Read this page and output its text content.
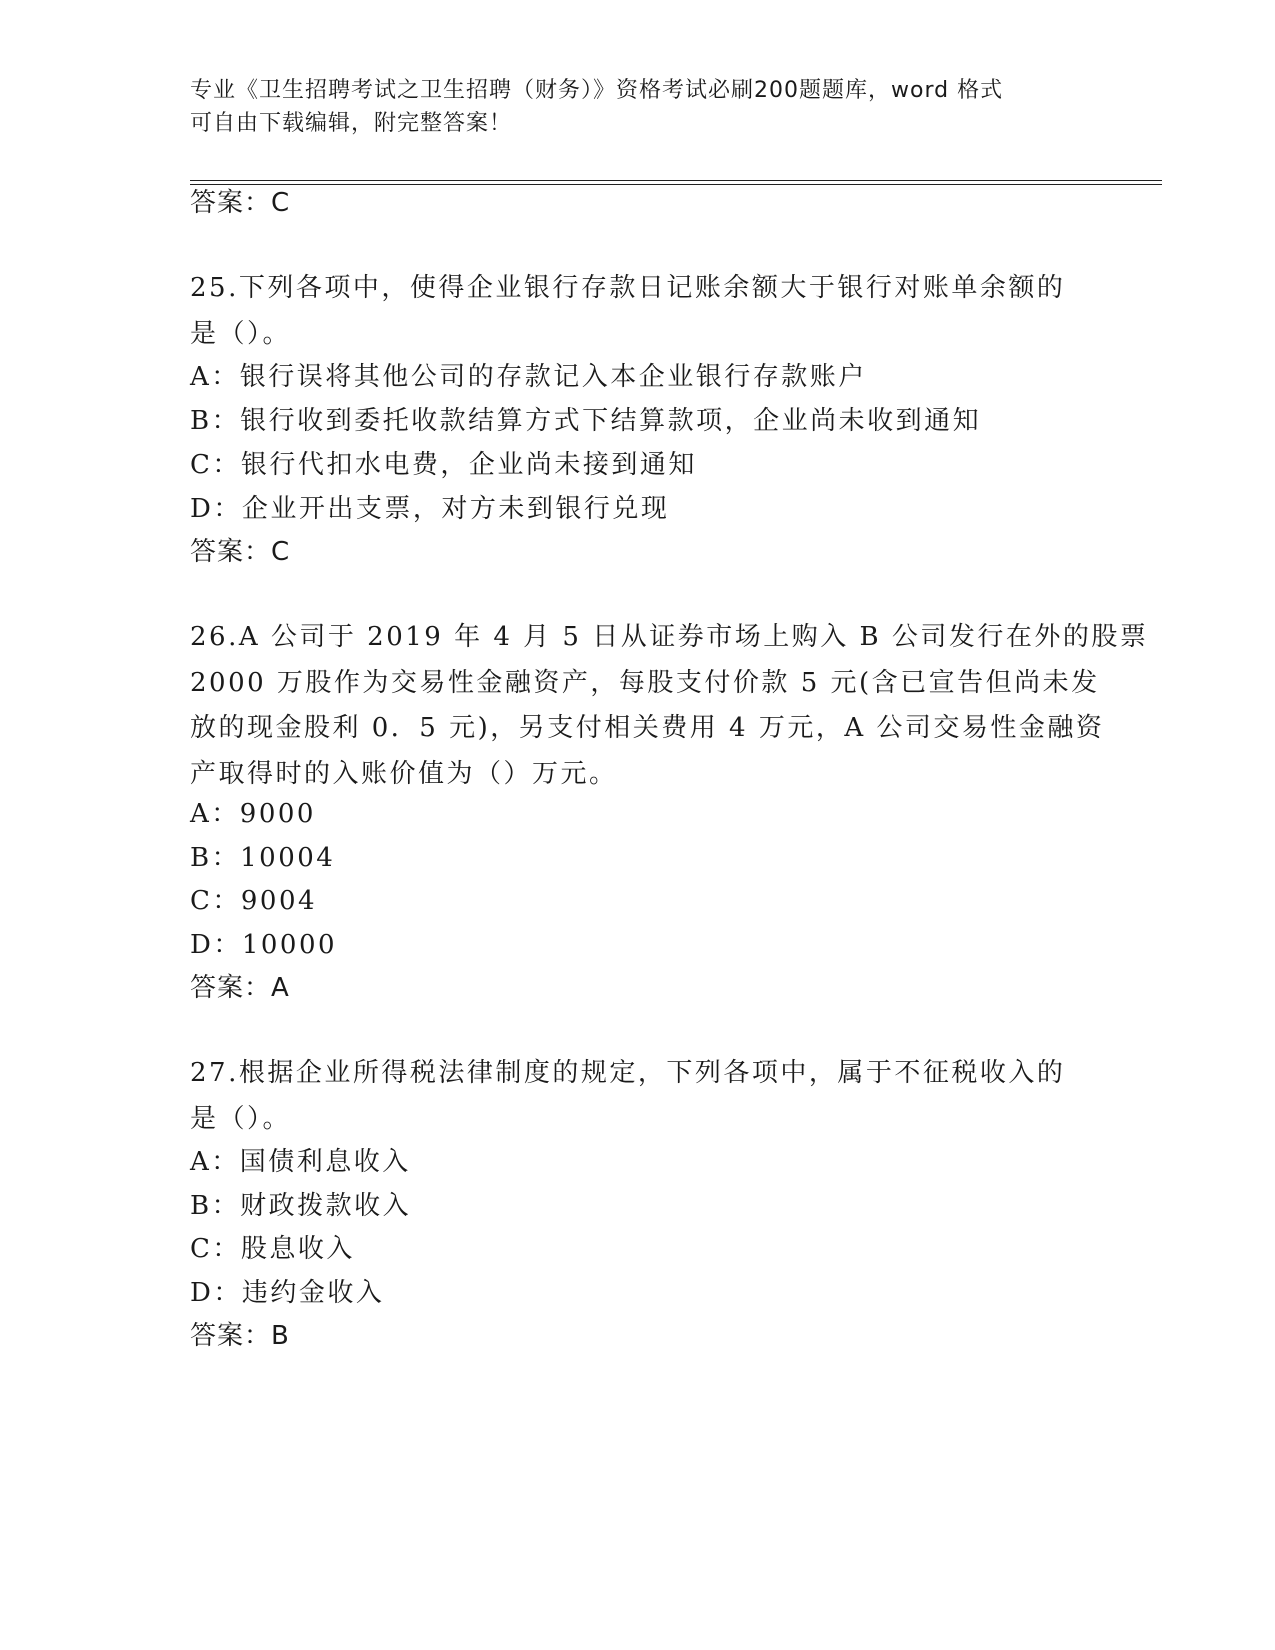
专业《卫生招聘考试之卫生招聘（财务）》资格考试必刷200题题库，word 格式
可自由下载编辑，附完整答案！
答案：C
25.下列各项中，使得企业银行存款日记账余额大于银行对账单余额的
是（）。
A：银行误将其他公司的存款记入本企业银行存款账户
B：银行收到委托收款结算方式下结算款项，企业尚未收到通知
C：银行代扣水电费，企业尚未接到通知
D：企业开出支票，对方未到银行兑现
答案：C
26.A 公司于 2019 年 4 月 5 日从证券市场上购入 B 公司发行在外的股票
2000 万股作为交易性金融资产，每股支付价款 5 元(含已宣告但尚未发
放的现金股利 0．5 元)，另支付相关费用 4 万元，A 公司交易性金融资
产取得时的入账价值为（）万元。
A：9000
B：10004
C：9004
D：10000
答案：A
27.根据企业所得税法律制度的规定，下列各项中，属于不征税收入的
是（）。
A：国债利息收入
B：财政拨款收入
C：股息收入
D：违约金收入
答案：B
